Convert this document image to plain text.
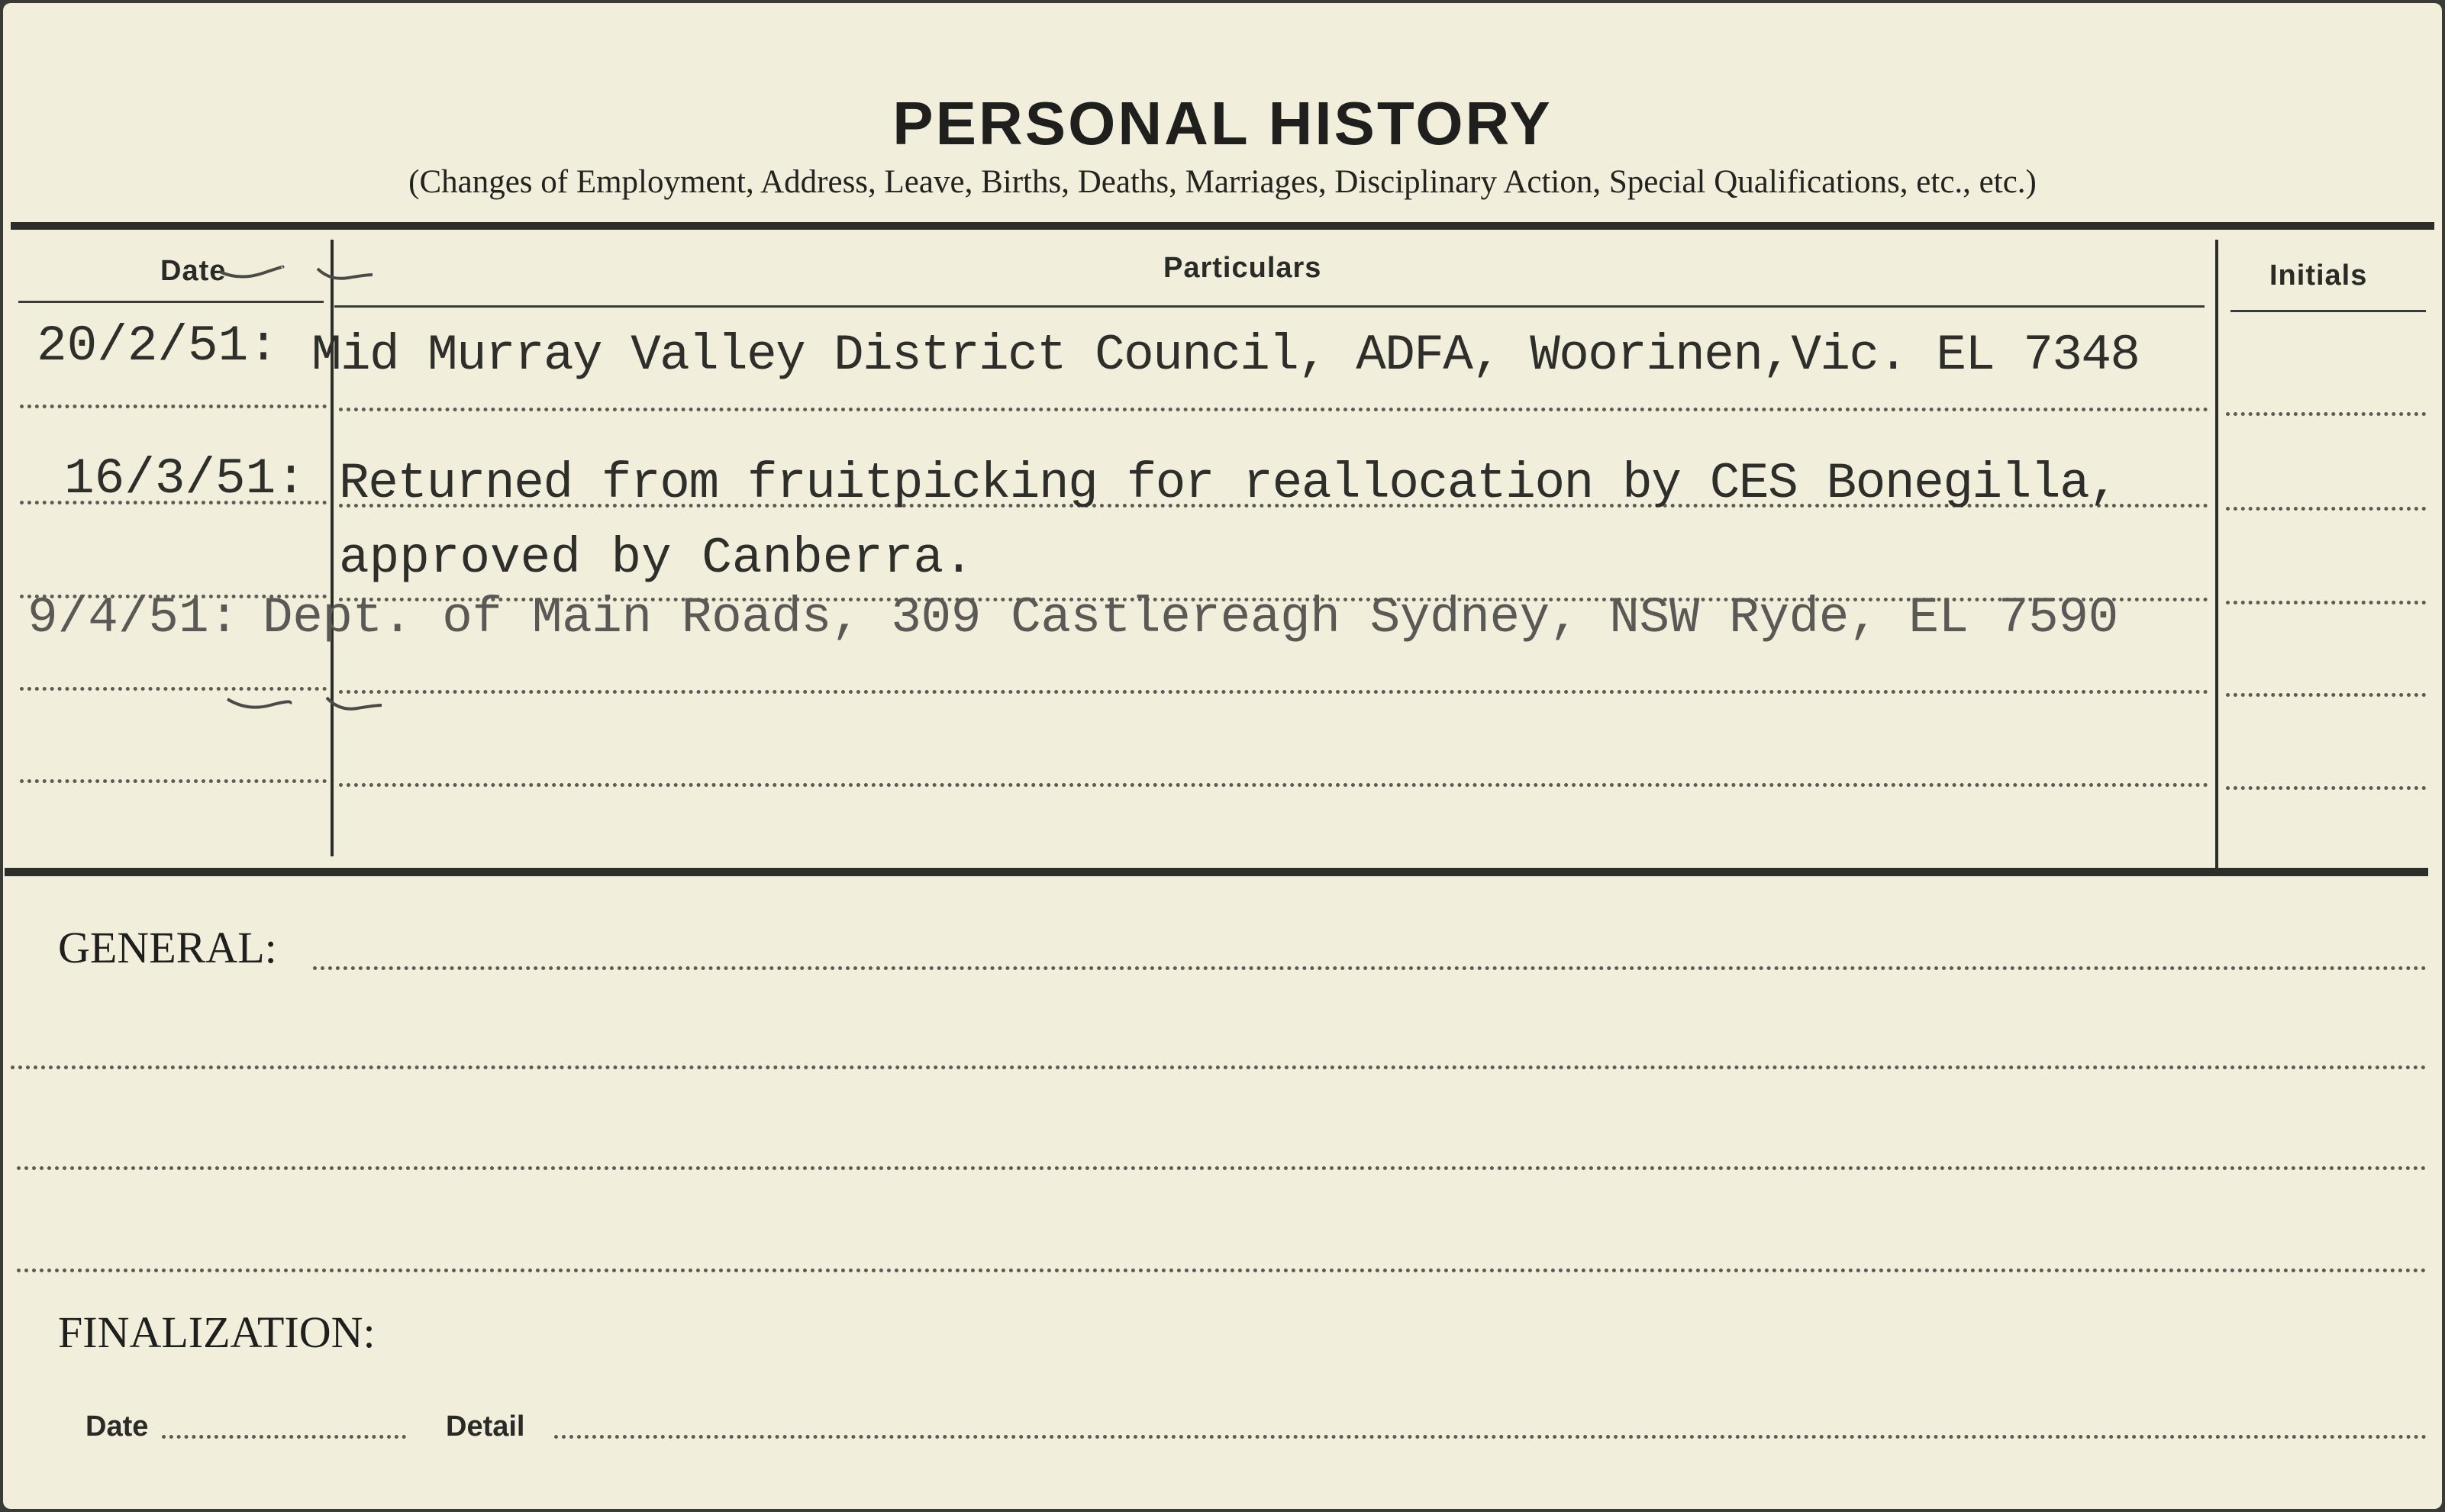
PERSONAL HISTORY
(Changes of Employment, Address, Leave, Births, Deaths, Marriages, Disciplinary Action, Special Qualifications, etc., etc.)
Date	Particulars	Initials
20/2/51: Mid Murray Valley District Council, ADFA, Woorinen,Vic. EL 7348
16/3/51: Returned from fruitpicking for reallocation by CES Bonegilla,
approved by Canberra.
9/4/51: Dept. of Main Roads, 309 Castlereagh Sydney, NSW Ryde, EL 7590
GENERAL:
FINALIZATION:
Date	Detail
